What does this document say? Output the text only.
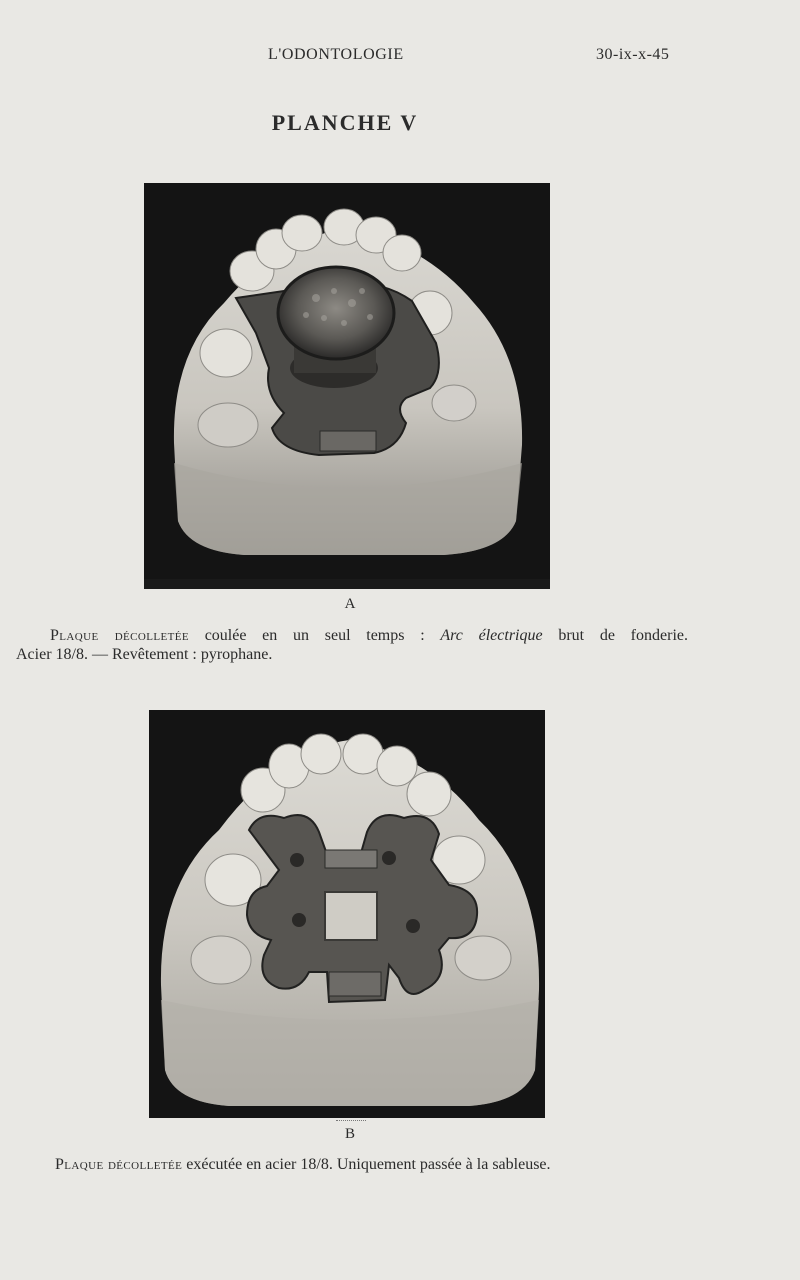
L'ODONTOLOGIE	30-ix-x-45
PLANCHE V
A
Plaque décolletée coulée en un seul temps : Arc électrique brut de fonderie.
Acier 18/8. — Revêtement : pyrophane.
B
Plaque décolletée exécutée en acier 18/8. Uniquement passée à la sableuse.
